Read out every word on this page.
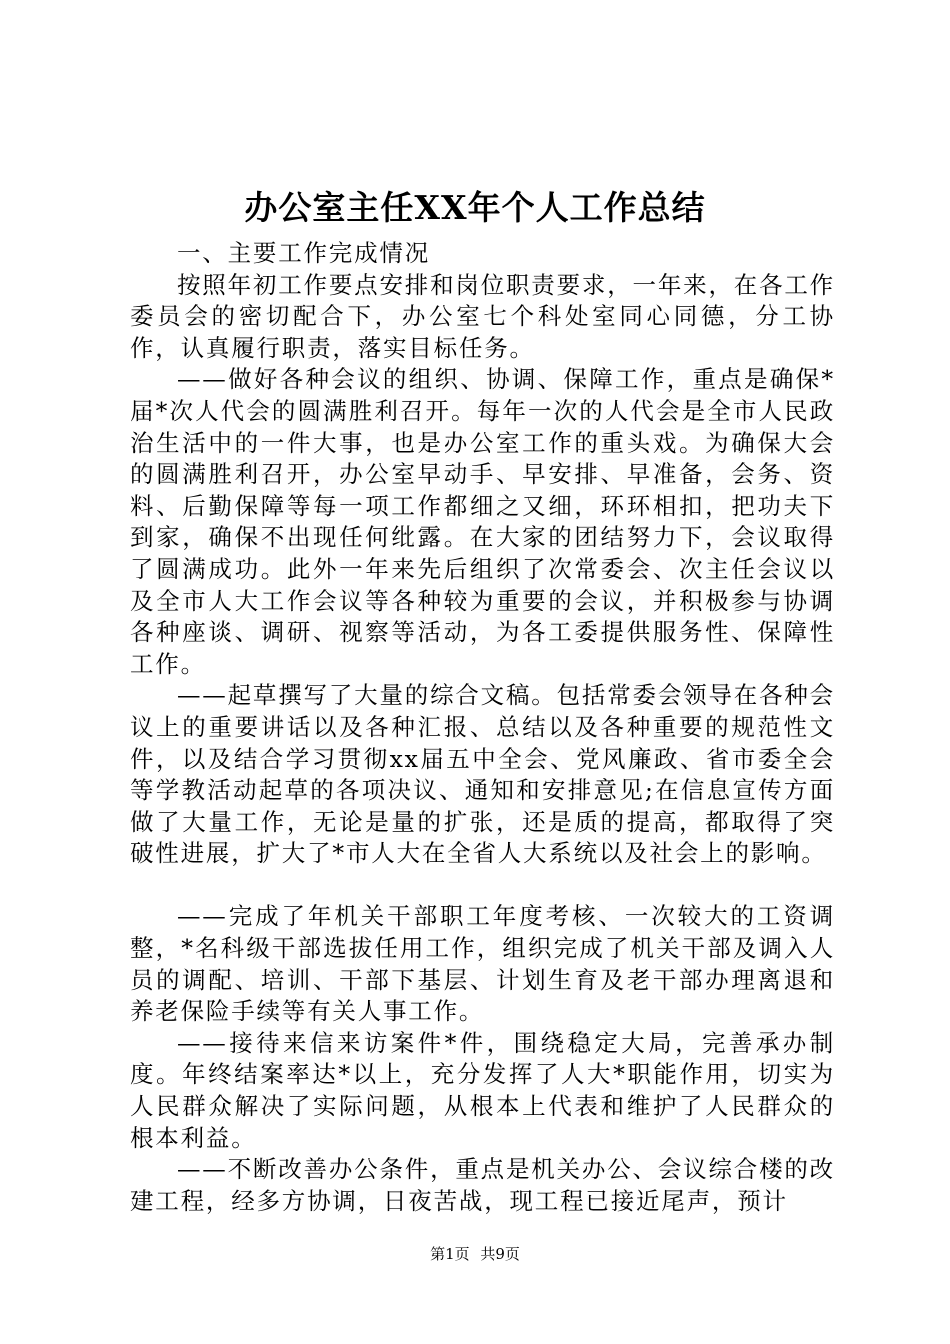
办公室主任XX年个人工作总结

一、主要工作完成情况

按照年初工作要点安排和岗位职责要求，一年来，在各工作委员会的密切配合下，办公室七个科处室同心同德，分工协作，认真履行职责，落实目标任务。

——做好各种会议的组织、协调、保障工作，重点是确保*届*次人代会的圆满胜利召开。每年一次的人代会是全市人民政治生活中的一件大事，也是办公室工作的重头戏。为确保大会的圆满胜利召开，办公室早动手、早安排、早准备，会务、资料、后勤保障等每一项工作都细之又细，环环相扣，把功夫下到家，确保不出现任何纰露。在大家的团结努力下，会议取得了圆满成功。此外一年来先后组织了次常委会、次主任会议以及全市人大工作会议等各种较为重要的会议，并积极参与协调各种座谈、调研、视察等活动，为各工委提供服务性、保障性工作。

——起草撰写了大量的综合文稿。包括常委会领导在各种会议上的重要讲话以及各种汇报、总结以及各种重要的规范性文件，以及结合学习贯彻xx届五中全会、党风廉政、省市委全会等学教活动起草的各项决议、通知和安排意见;在信息宣传方面做了大量工作，无论是量的扩张，还是质的提高，都取得了突破性进展，扩大了*市人大在全省人大系统以及社会上的影响。

——完成了年机关干部职工年度考核、一次较大的工资调整，*名科级干部选拔任用工作，组织完成了机关干部及调入人员的调配、培训、干部下基层、计划生育及老干部办理离退和养老保险手续等有关人事工作。

——接待来信来访案件*件，围绕稳定大局，完善承办制度。年终结案率达*以上，充分发挥了人大*职能作用，切实为人民群众解决了实际问题，从根本上代表和维护了人民群众的根本利益。

——不断改善办公条件，重点是机关办公、会议综合楼的改建工程，经多方协调，日夜苦战，现工程已接近尾声，预计

第1页 共9页
